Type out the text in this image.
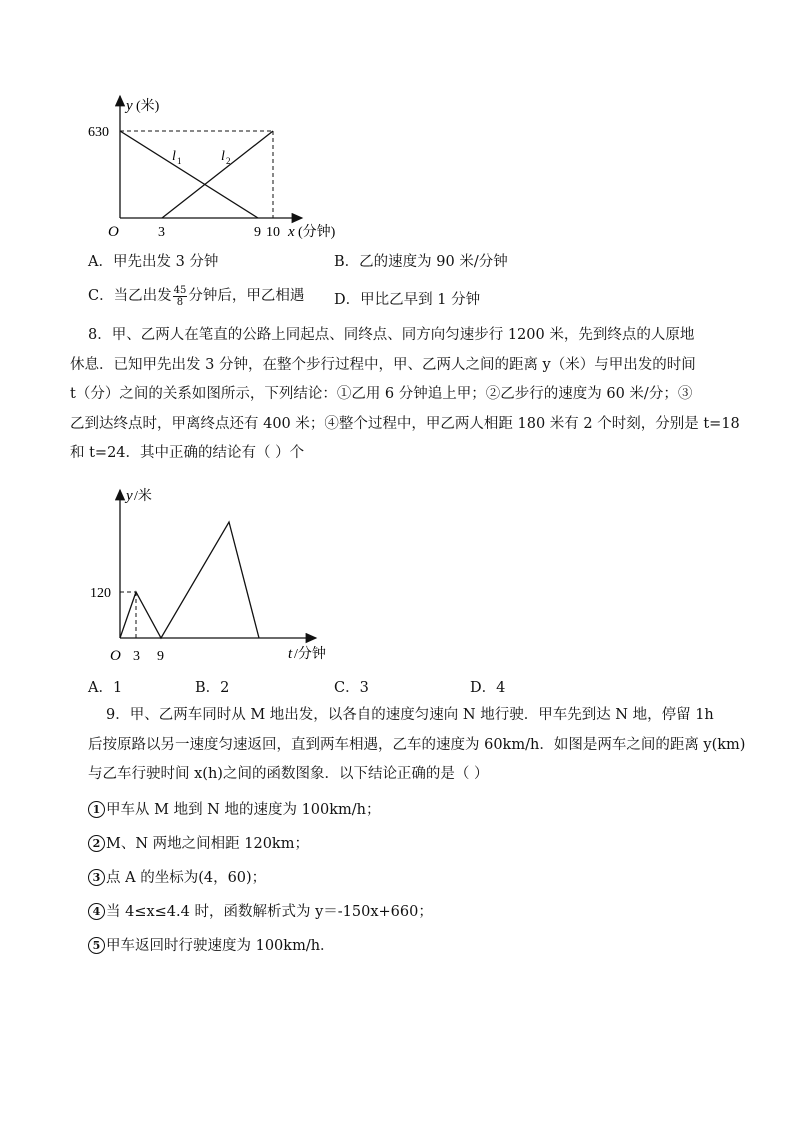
y (米)
630
O	3	9 10 x (分钟)
l 1	l 2
A．甲先出发 3 分钟	B．乙的速度为 90 米/分钟
C．当乙出发 $\frac{45}{8}$ 分钟后，甲乙相遇 D．甲比乙早到 1 分钟
8．甲、乙两人在笔直的公路上同起点、同终点、同方向匀速步行 1200 米，先到终点的人原地
休息．已知甲先出发 3 分钟，在整个步行过程中，甲、乙两人之间的距离 y（米）与甲出发的时间
t（分）之间的关系如图所示，下列结论：①乙用 6 分钟追上甲；②乙步行的速度为 60 米/分；③
乙到达终点时，甲离终点还有 400 米；④整个过程中，甲乙两人相距 180 米有 2 个时刻，分别是 t=18
和 t=24．其中正确的结论有（ ）个
y /米
120
O 3 9	t /分钟
A．1	B．2	C．3	D．4
9．甲、乙两车同时从 M 地出发，以各自的速度匀速向 N 地行驶．甲车先到达 N 地，停留 1h
后按原路以另一速度匀速返回，直到两车相遇，乙车的速度为 60km/h．如图是两车之间的距离 y(km)
与乙车行驶时间 x(h)之间的函数图象．以下结论正确的是（ ）
1 甲车从 M 地到 N 地的速度为 100km/h；
2 M、N 两地之间相距 120km；
3 点 A 的坐标为(4，60)；
4 当 4≤x≤4.4 时，函数解析式为 y＝-150x+660；
5 甲车返回时行驶速度为 100km/h．
